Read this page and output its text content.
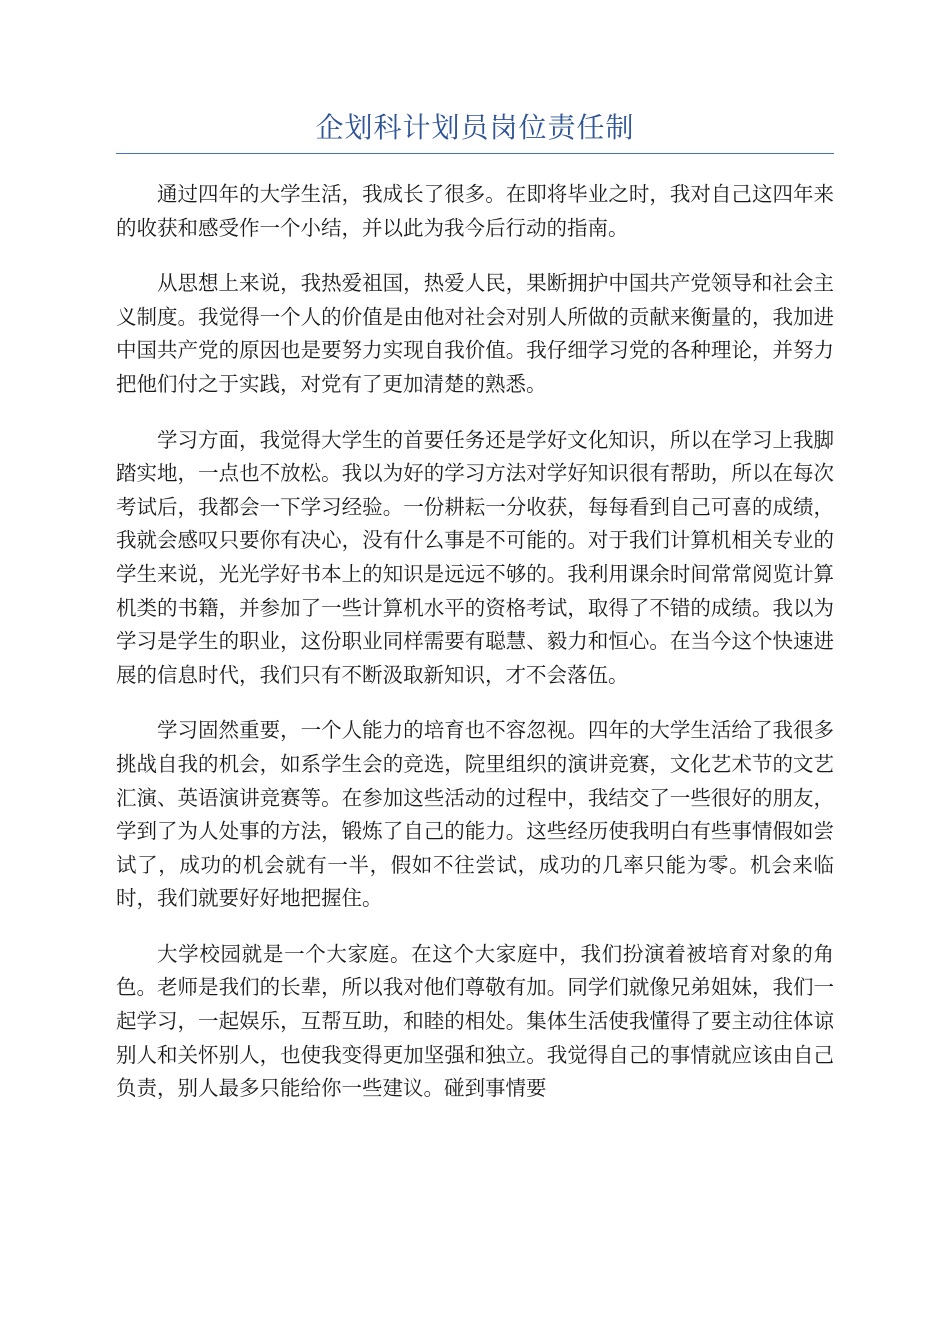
企划科计划员岗位责任制

通过四年的大学生活，我成长了很多。在即将毕业之时，我对自己这四年来的收获和感受作一个小结，并以此为我今后行动的指南。

从思想上来说，我热爱祖国，热爱人民，果断拥护中国共产党领导和社会主义制度。我觉得一个人的价值是由他对社会对别人所做的贡献来衡量的，我加进中国共产党的原因也是要努力实现自我价值。我仔细学习党的各种理论，并努力把他们付之于实践，对党有了更加清楚的熟悉。

学习方面，我觉得大学生的首要任务还是学好文化知识，所以在学习上我脚踏实地，一点也不放松。我以为好的学习方法对学好知识很有帮助，所以在每次考试后，我都会一下学习经验。一份耕耘一分收获，每每看到自己可喜的成绩，我就会感叹只要你有决心，没有什么事是不可能的。对于我们计算机相关专业的学生来说，光光学好书本上的知识是远远不够的。我利用课余时间常常阅览计算机类的书籍，并参加了一些计算机水平的资格考试，取得了不错的成绩。我以为学习是学生的职业，这份职业同样需要有聪慧、毅力和恒心。在当今这个快速进展的信息时代，我们只有不断汲取新知识，才不会落伍。

学习固然重要，一个人能力的培育也不容忽视。四年的大学生活给了我很多挑战自我的机会，如系学生会的竞选，院里组织的演讲竞赛，文化艺术节的文艺汇演、英语演讲竞赛等。在参加这些活动的过程中，我结交了一些很好的朋友，学到了为人处事的方法，锻炼了自己的能力。这些经历使我明白有些事情假如尝试了，成功的机会就有一半，假如不往尝试，成功的几率只能为零。机会来临时，我们就要好好地把握住。

大学校园就是一个大家庭。在这个大家庭中，我们扮演着被培育对象的角色。老师是我们的长辈，所以我对他们尊敬有加。同学们就像兄弟姐妹，我们一起学习，一起娱乐，互帮互助，和睦的相处。集体生活使我懂得了要主动往体谅别人和关怀别人，也使我变得更加坚强和独立。我觉得自己的事情就应该由自己负责，别人最多只能给你一些建议。碰到事情要
